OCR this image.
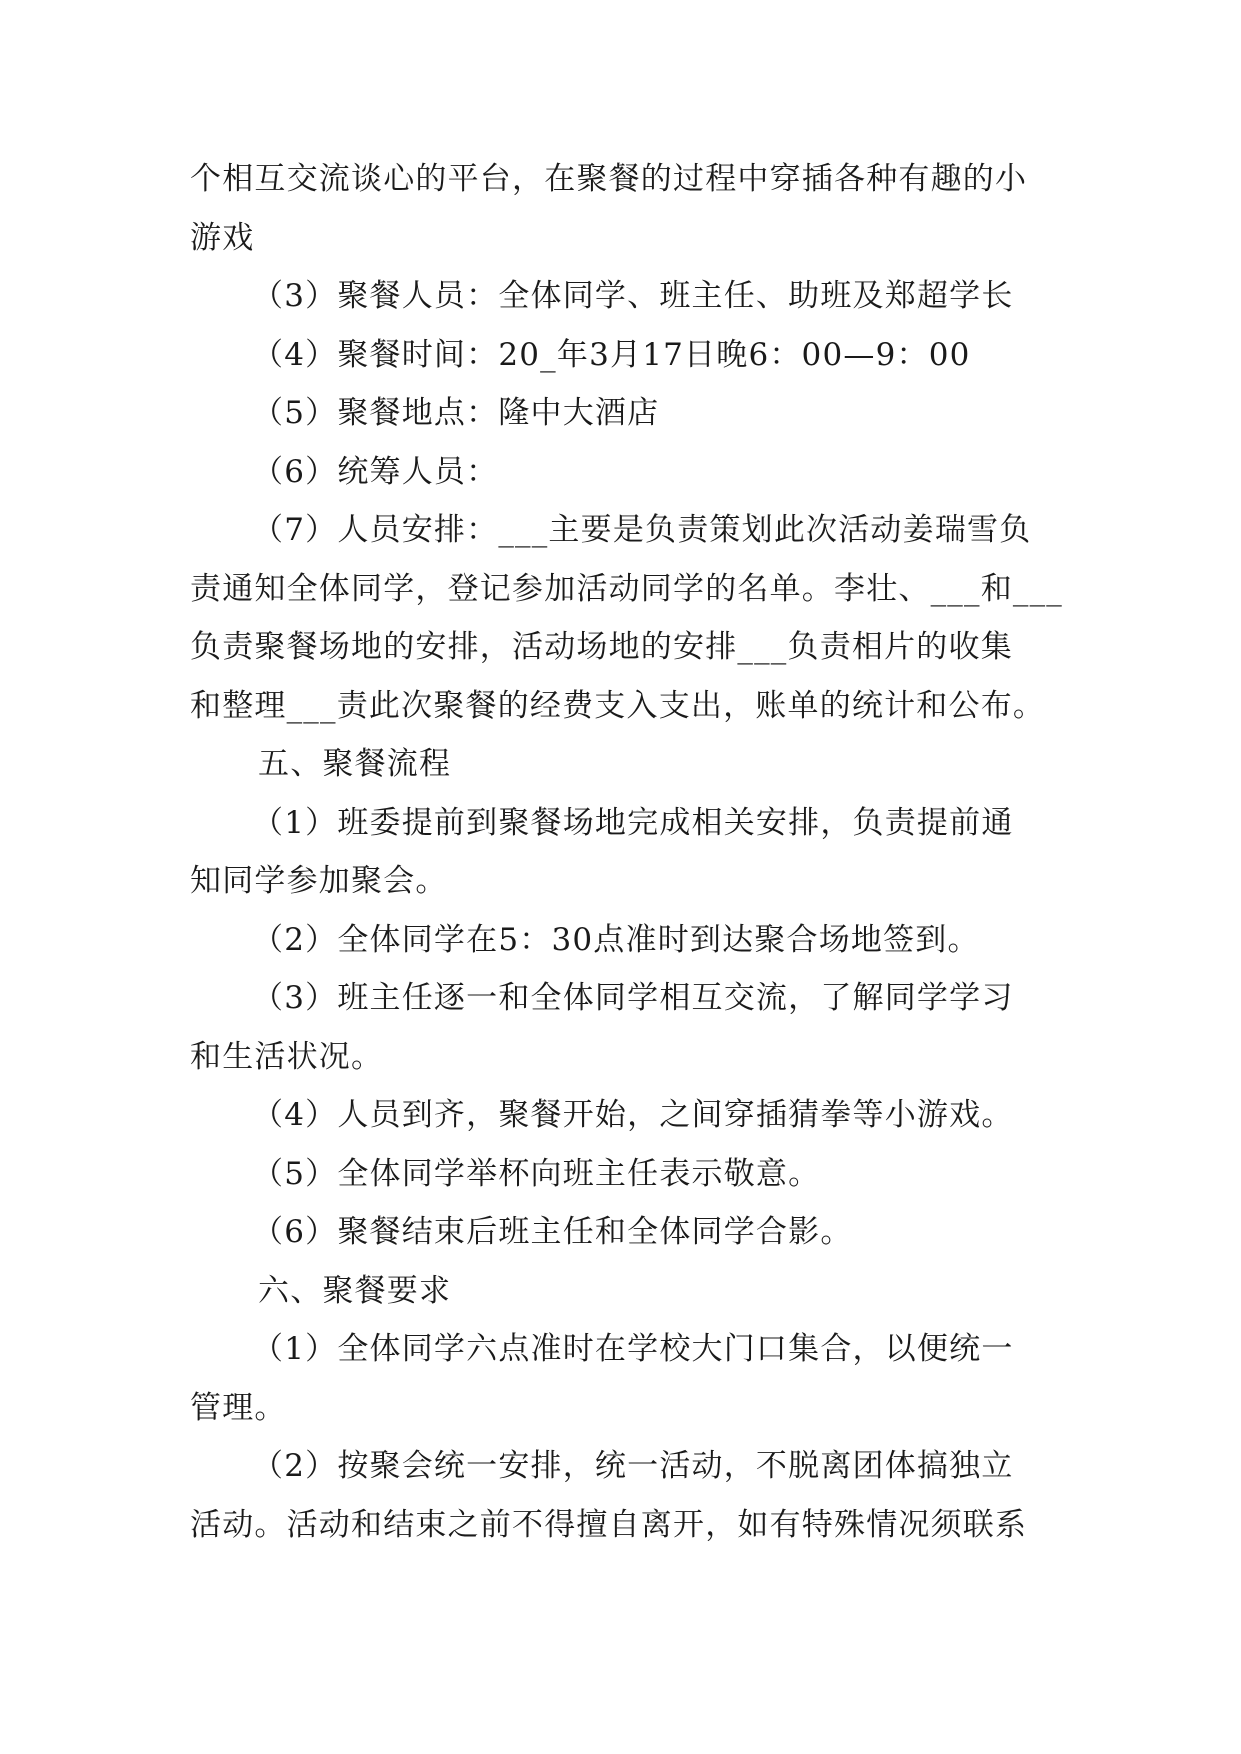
个相互交流谈心的平台，在聚餐的过程中穿插各种有趣的小
游戏
（3）聚餐人员：全体同学、班主任、助班及郑超学长
（4）聚餐时间：20_年3月17日晚6：00—9：00
（5）聚餐地点：隆中大酒店
（6）统筹人员：
（7）人员安排：___主要是负责策划此次活动姜瑞雪负
责通知全体同学，登记参加活动同学的名单。李壮、___和___
负责聚餐场地的安排，活动场地的安排___负责相片的收集
和整理___责此次聚餐的经费支入支出，账单的统计和公布。
五、聚餐流程
（1）班委提前到聚餐场地完成相关安排，负责提前通
知同学参加聚会。
（2）全体同学在5：30点准时到达聚合场地签到。
（3）班主任逐一和全体同学相互交流，了解同学学习
和生活状况。
（4）人员到齐，聚餐开始，之间穿插猜拳等小游戏。
（5）全体同学举杯向班主任表示敬意。
（6）聚餐结束后班主任和全体同学合影。
六、聚餐要求
（1）全体同学六点准时在学校大门口集合，以便统一
管理。
（2）按聚会统一安排，统一活动，不脱离团体搞独立
活动。活动和结束之前不得擅自离开，如有特殊情况须联系
